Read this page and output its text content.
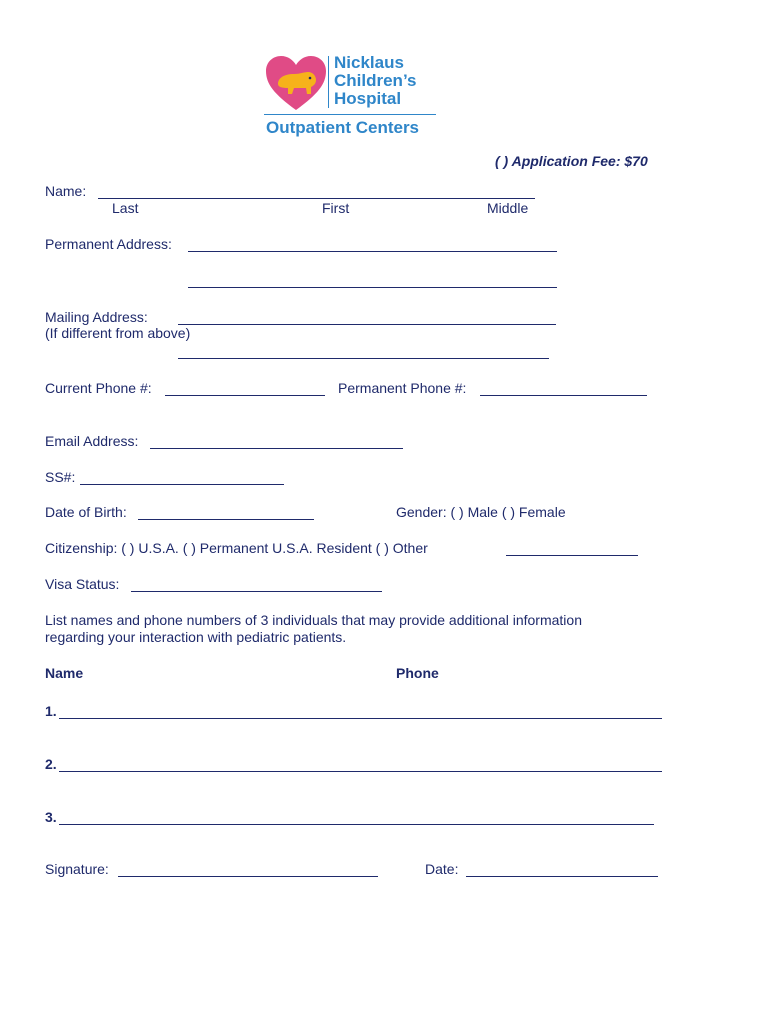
Nicklaus
Children’s
Hospital
Outpatient Centers
( ) Application Fee: $70
Name:
Last	First	Middle
Permanent Address:
Mailing Address:
(If different from above)
Current Phone #:	Permanent Phone #:
Email Address:
SS#:
Date of Birth:	Gender: ( ) Male ( ) Female
Citizenship: ( ) U.S.A. ( ) Permanent U.S.A. Resident ( ) Other
Visa Status:
List names and phone numbers of 3 individuals that may provide additional information
regarding your interaction with pediatric patients.
Name	Phone
1.
2.
3.
Signature:	Date:
